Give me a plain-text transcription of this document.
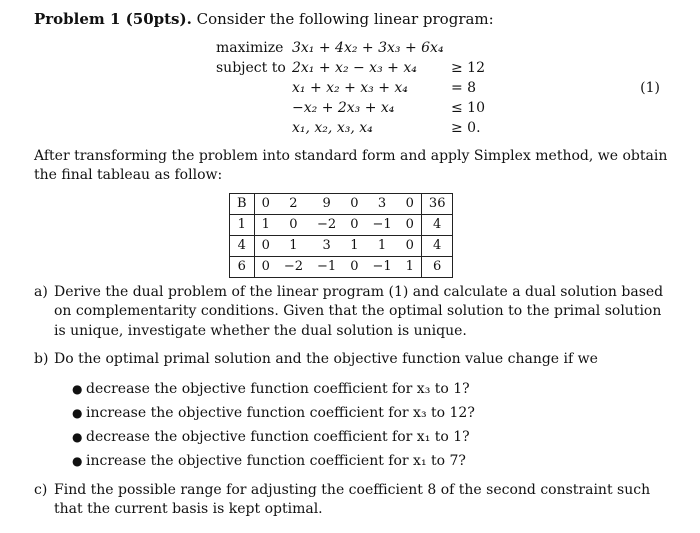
Problem 1 (50pts). Consider the following linear program:
maximize
subject to
3x₁ + 4x₂ + 3x₃ + 6x₄
2x₁ + x₂ − x₃ + x₄ ≥ 12
x₁ + x₂ + x₃ + x₄	= 8
−x₂ + 2x₃ + x₄	≤ 10
x₁, x₂, x₃, x₄	≥ 0.
(1)
After transforming the problem into standard form and apply Simplex method, we obtain the final tableau as follow:
B	0	2	9	0	3	0	36
1	1	0	−2	0	−1	0	4
4	0	1	3	1	1	0	4
6	0	−2	−1	0	−1	1	6
a) Derive the dual problem of the linear program (1) and calculate a dual solution based on complementarity conditions. Given that the optimal solution to the primal solution is unique, investigate whether the dual solution is unique.
b) Do the optimal primal solution and the objective function value change if we
● decrease the objective function coefficient for x₃ to 1?
● increase the objective function coefficient for x₃ to 12?
● decrease the objective function coefficient for x₁ to 1?
● increase the objective function coefficient for x₁ to 7?
c) Find the possible range for adjusting the coefficient 8 of the second constraint such that the current basis is kept optimal.
